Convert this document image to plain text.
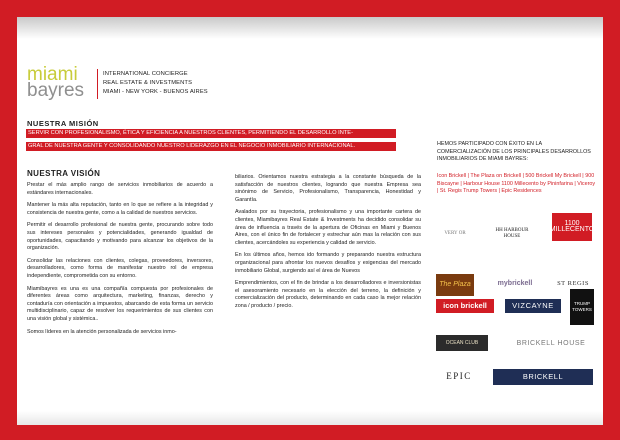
miami
bayres
INTERNATIONAL CONCIERGE
REAL ESTATE & INVESTMENTS
MIAMI - NEW YORK - BUENOS AIRES
NUESTRA MISIÓN
SERVIR CON PROFESIONALISMO, ÉTICA Y EFICIENCIA A NUESTROS CLIENTES, PERMITIENDO EL DESARROLLO INTE-
GRAL DE NUESTRA GENTE Y CONSOLIDANDO NUESTRO LIDERAZGO EN EL NEGOCIO INMOBILIARIO INTERNACIONAL.
NUESTRA VISIÓN

Prestar el más amplio rango de servicios inmobiliarios de acuerdo a estándares internacionales.

Mantener la más alta reputación, tanto en lo que se refiere a la integridad y consistencia de nuestra gente, como a la calidad de nuestros servicios.

Permitir el desarrollo profesional de nuestra gente, procurando sobre todo sus intereses personales y potencialidades, generando igualdad de oportunidades, capacitando y motivando para alcanzar los objetivos de la organización.

Consolidar las relaciones con clientes, colegas, proveedores, inversores, desarrolladores, como forma de manifestar nuestro rol de empresa independiente, comprometida con su entorno.

Miamibayres es una es una compañía compuesta por profesionales de diferentes áreas como arquitectura, marketing, finanzas, derecho y contaduría con orientación a impuestos, abarcando de esta forma un servicio multidisciplinario, capaz de resolver los requerimientos de sus clientes con una visión global y sistémica..

Somos líderes en la atención personalizada de servicios inmo-

biliarios. Orientamos nuestra estrategia a la constante búsqueda de la satisfacción de nuestros clientes, logrando que nuestra Empresa sea sinónimo de Servicio, Profesionalismo, Transparencia, Honestidad y Garantía.

Avalados por su trayectoria, profesionalismo y una importante cartera de clientes, Miamibayres Real Estate & Investments ha decidido consolidar su área de influencia a través de la apertura de Oficinas en Miami y Buenos Aires, con el único fin de fortalecer y estrechar aún mas la relación con sus clientes, acercándoles su experiencia y calidad de servicio.

En los últimos años, hemos ido formando y preparando nuestra estructura organizacional para afrontar los nuevos desafíos y exigencias del mercado inmobiliario Global, surgiendo así el área de Nuevos

Emprendimientos, con el fin de brindar a los desarrolladores e inversionistas el asesoramiento necesario en la elección del terreno, la definición y comercialización del producto, determinando en cada caso la mejor relación zona / producto / precio.

HEMOS PARTICIPADO CON ÉXITO EN LA COMERCIALIZACIÓN DE LOS PRINCIPALES DESARROLLOS INMOBILIARIOS DE MIAMI BAYRES:
Icon Brickell | The Plaza on Brickell | 500 Brickell My Brickell | 900 Biscayne | Harbour House 1100 Millecento by Pininfarina | Viceroy | St. Regis Trump Towers | Epic Residences
VERY OR
HH HARBOUR HOUSE
1100 MILLECENTO
The Plaza	mybrickell	ST REGIS
icon brickell	VIZCAYNE	TRUMP TOWERS
OCEAN CLUB	BRICKELL HOUSE
EPIC	BRICKELL
